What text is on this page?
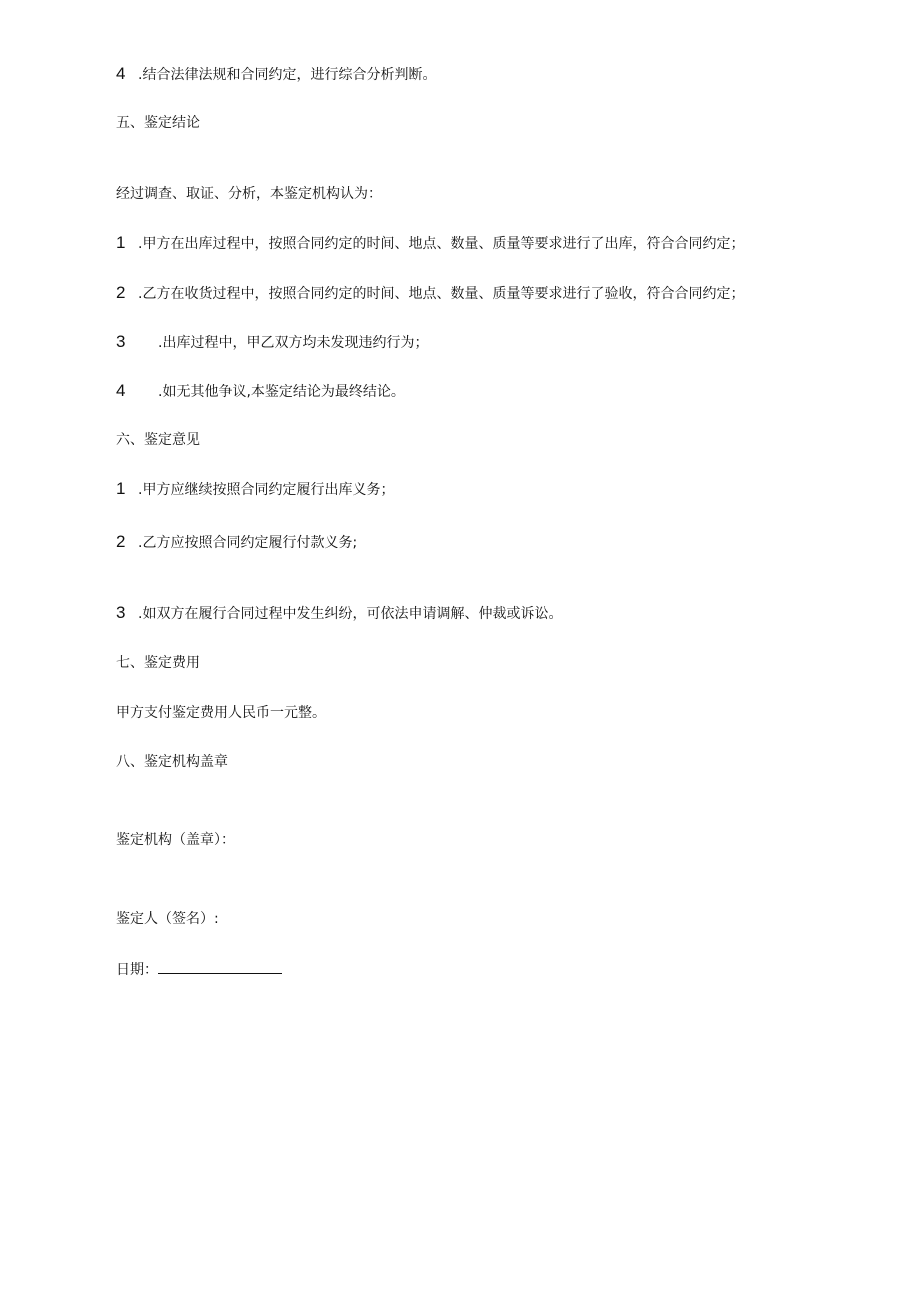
4 .结合法律法规和合同约定，进行综合分析判断。
五、鉴定结论
经过调查、取证、分析，本鉴定机构认为：
1 .甲方在出库过程中，按照合同约定的时间、地点、数量、质量等要求进行了出库，符合合同约定；
2 .乙方在收货过程中，按照合同约定的时间、地点、数量、质量等要求进行了验收，符合合同约定；
3 .出库过程中，甲乙双方均未发现违约行为；
4 .如无其他争议,本鉴定结论为最终结论。
六、鉴定意见
1 .甲方应继续按照合同约定履行出库义务；
2 .乙方应按照合同约定履行付款义务;
3 .如双方在履行合同过程中发生纠纷，可依法申请调解、仲裁或诉讼。
七、鉴定费用
甲方支付鉴定费用人民币一元整。
八、鉴定机构盖章
鉴定机构（盖章）：
鉴定人（签名）:
日期：
